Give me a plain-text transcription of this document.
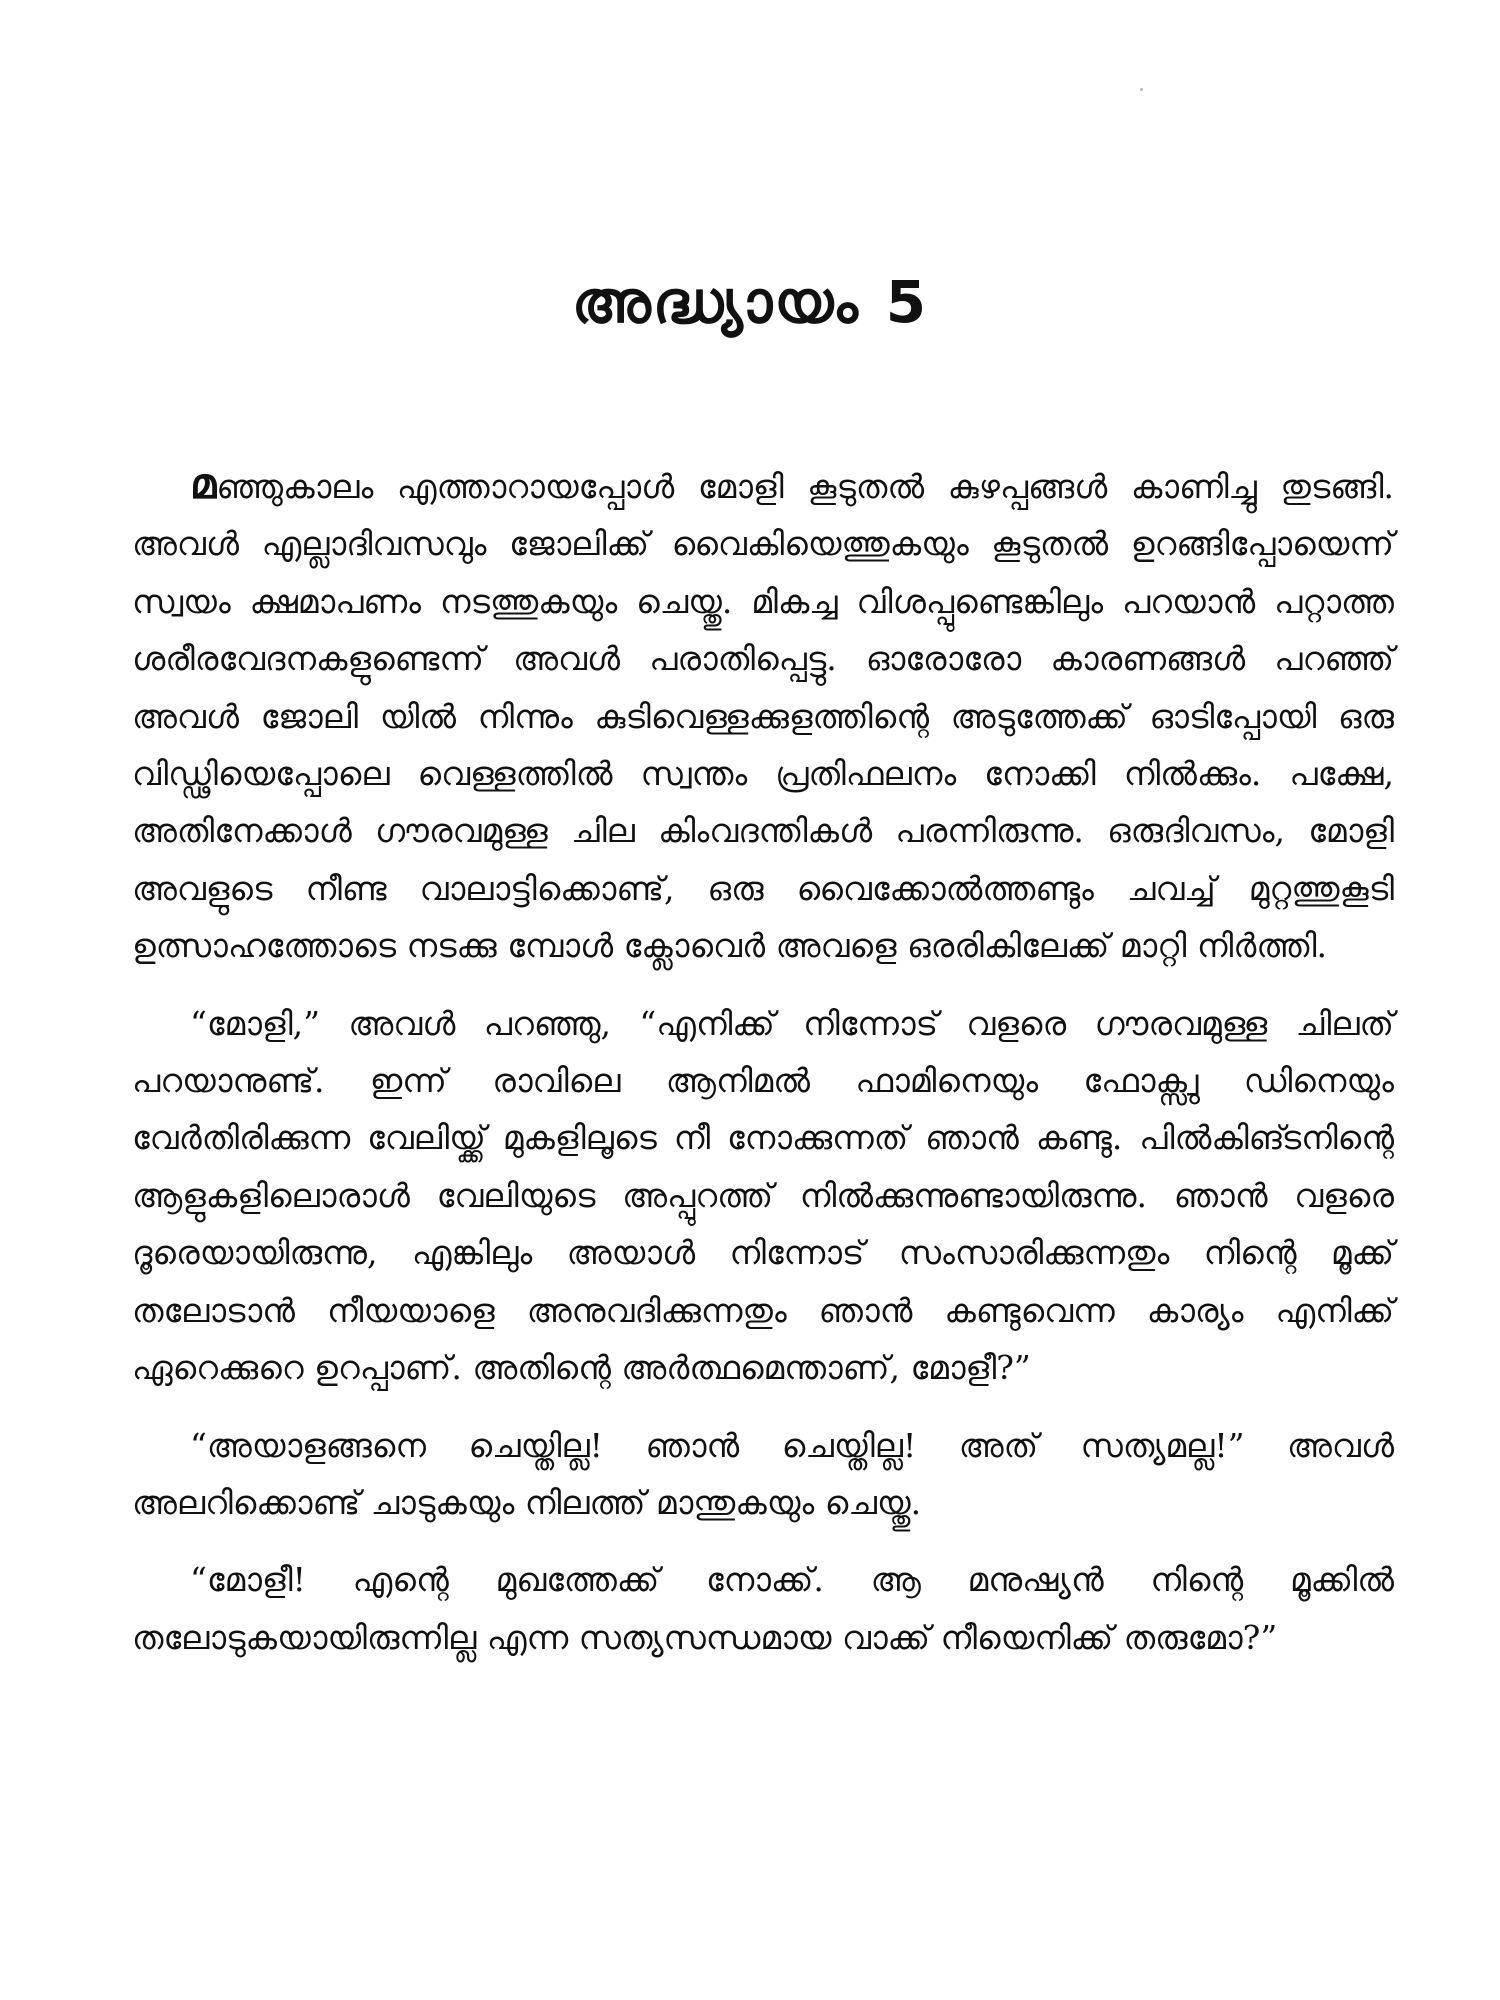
അദ്ധ്യായം 5

മഞ്ഞുകാലം എത്താറായപ്പോൾ മോളി കൂടുതൽ കുഴപ്പങ്ങൾ കാണിച്ചു തുടങ്ങി. അവൾ എല്ലാദിവസവും ജോലിക്ക് വൈകിയെത്തുകയും കൂടുതൽ ഉറങ്ങിപ്പോയെന്ന് സ്വയം ക്ഷമാപണം നടത്തുകയും ചെയ്തു. മികച്ച വിശപ്പുണ്ടെങ്കിലും പറയാൻ പറ്റാത്ത ശരീരവേദനകളുണ്ടെന്ന് അവൾ പരാതിപ്പെട്ടു. ഓരോരോ കാരണങ്ങൾ പറഞ്ഞ് അവൾ ജോലി യിൽ നിന്നും കുടിവെള്ളക്കുളത്തിന്റെ അടുത്തേക്ക് ഓടിപ്പോയി ഒരു വിഡ്ഢിയെപ്പോലെ വെള്ളത്തിൽ സ്വന്തം പ്രതിഫലനം നോക്കി നിൽക്കും. പക്ഷേ, അതിനേക്കാൾ ഗൗരവമുള്ള ചില കിംവദന്തികൾ പരന്നിരുന്നു. ഒരുദിവസം, മോളി അവളുടെ നീണ്ട വാലാട്ടിക്കൊണ്ട്, ഒരു വൈക്കോൽത്തണ്ടും ചവച്ച് മുറ്റത്തുകൂടി ഉത്സാഹത്തോടെ നടക്കു മ്പോൾ ക്ലോവെർ അവളെ ഒരരികിലേക്ക് മാറ്റി നിർത്തി.

“മോളി,” അവൾ പറഞ്ഞു, “എനിക്ക് നിന്നോട് വളരെ ഗൗരവമുള്ള ചിലത് പറയാനുണ്ട്. ഇന്ന് രാവിലെ ആനിമൽ ഫാമിനെയും ഫോക്സ്വു ഡിനെയും വേർതിരിക്കുന്ന വേലിയ്ക്ക് മുകളിലൂടെ നീ നോക്കുന്നത് ഞാൻ കണ്ടു. പിൽകിങ്ടനിന്റെ ആളുകളിലൊരാൾ വേലിയുടെ അപ്പുറത്ത് നിൽക്കുന്നുണ്ടായിരുന്നു. ഞാൻ വളരെ ദൂരെയായിരുന്നു, എങ്കിലും അയാൾ നിന്നോട് സംസാരിക്കുന്നതും നിന്റെ മൂക്ക് തലോടാൻ നീയയാളെ അനുവദിക്കുന്നതും ഞാൻ കണ്ടുവെന്ന കാര്യം എനിക്ക് ഏറെക്കുറെ ഉറപ്പാണ്. അതിന്റെ അർത്ഥമെന്താണ്, മോളീ?”

“അയാളങ്ങനെ ചെയ്തില്ല! ഞാൻ ചെയ്തില്ല! അത് സത്യമല്ല!” അവൾ അലറിക്കൊണ്ട് ചാടുകയും നിലത്ത് മാന്തുകയും ചെയ്തു.

“മോളീ! എന്റെ മുഖത്തേക്ക് നോക്ക്. ആ മനുഷ്യൻ നിന്റെ മൂക്കിൽ തലോടുകയായിരുന്നില്ല എന്ന സത്യസന്ധമായ വാക്ക് നീയെനിക്ക് തരുമോ?”
